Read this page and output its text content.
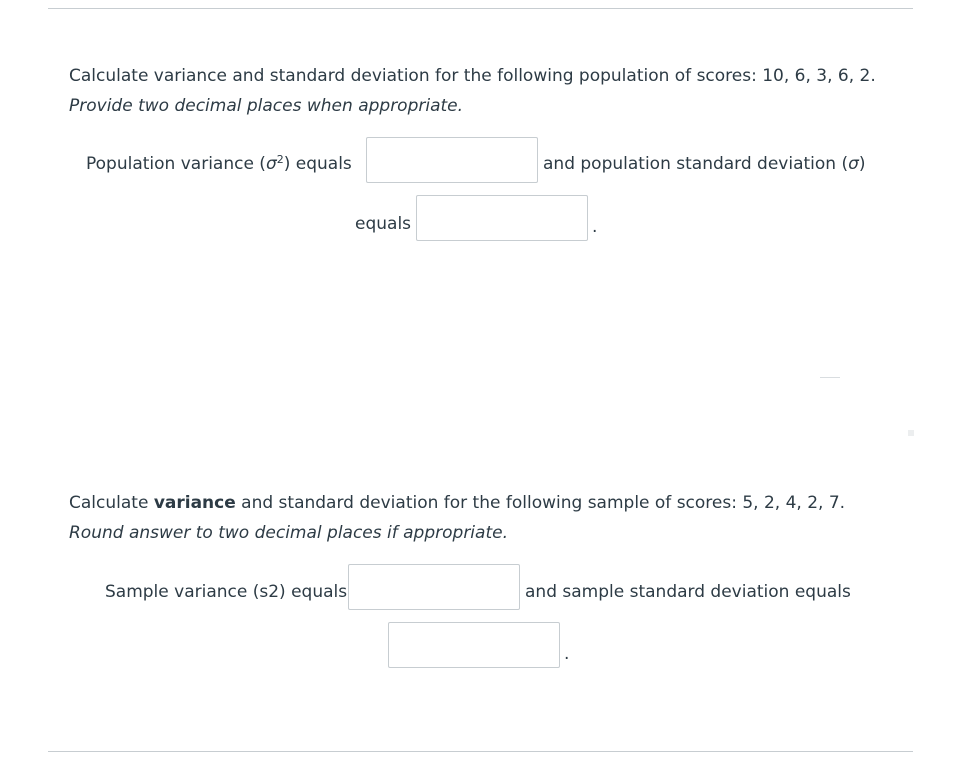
Calculate variance and standard deviation for the following population of scores: 10, 6, 3, 6, 2.
Provide two decimal places when appropriate.
Population variance $(\sigma^2)$ equals	and population standard deviation (σ)
equals	.
Calculate variance and standard deviation for the following sample of scores: 5, 2, 4, 2, 7.
Round answer to two decimal places if appropriate.
Sample variance (s2) equals	and sample standard deviation equals
.
